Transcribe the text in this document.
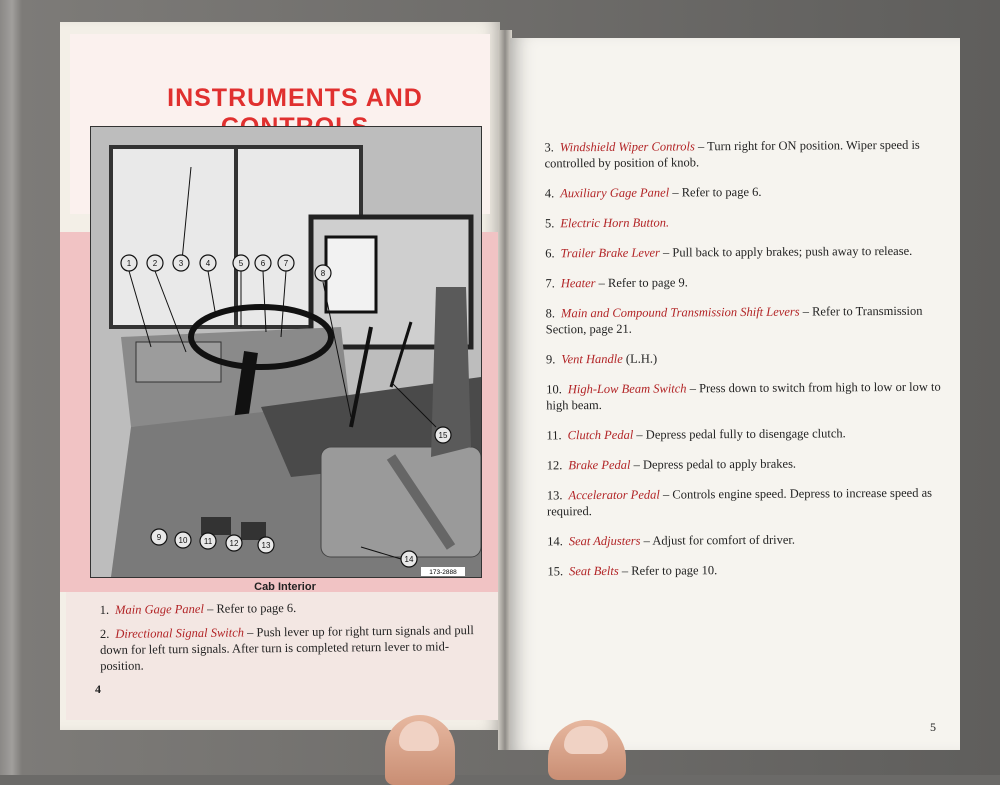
INSTRUMENTS AND
1	2	3	4	5 6 7
8
9 10 11 12	13
14
15
173-2888
Cab Interior
1. Main Gage Panel – Refer to page 6.
2. Directional Signal Switch – Push lever up for right turn signals and pull down for left turn signals. After turn is completed return lever to mid-position.
4
3. Windshield Wiper Controls – Turn right for ON position. Wiper speed is controlled by position of knob.
4. Auxiliary Gage Panel – Refer to page 6.
5. Electric Horn Button.
6. Trailer Brake Lever – Pull back to apply brakes; push away to release.
7. Heater – Refer to page 9.
8. Main and Compound Transmission Shift Levers – Refer to Transmission Section, page 21.
9. Vent Handle (L.H.)
10. High-Low Beam Switch – Press down to switch from high to low or low to high beam.
11. Clutch Pedal – Depress pedal fully to disengage clutch.
12. Brake Pedal – Depress pedal to apply brakes.
13. Accelerator Pedal – Controls engine speed. Depress to increase speed as required.
14. Seat Adjusters – Adjust for comfort of driver.
15. Seat Belts – Refer to page 10.
5
